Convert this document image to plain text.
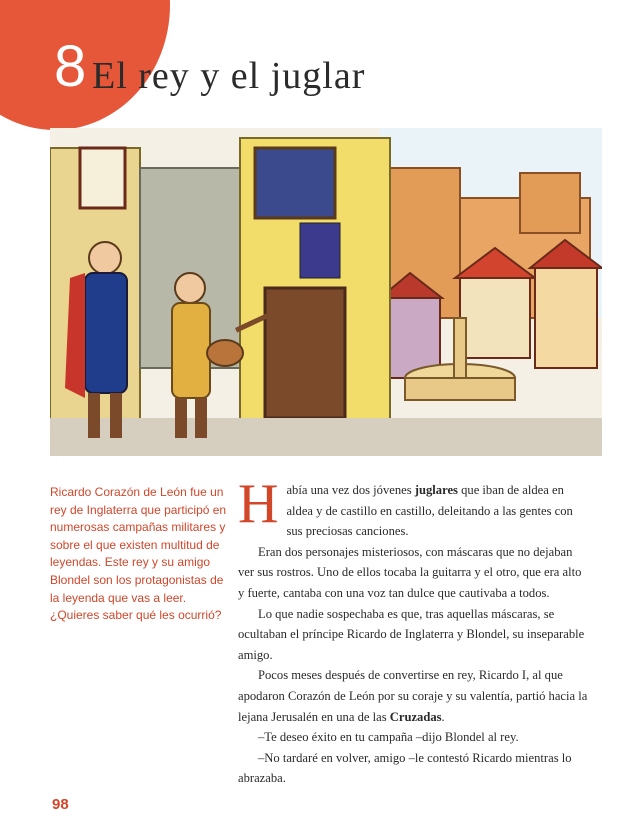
8 El rey y el juglar
Ricardo Corazón de León fue un rey de Inglaterra que participó en numerosas campañas militares y sobre el que existen multitud de leyendas. Este rey y su amigo Blondel son los protagonistas de la leyenda que vas a leer. ¿Quieres saber qué les ocurrió?

Había una vez dos jóvenes juglares que iban de aldea en aldea y de castillo en castillo, deleitando a las gentes con sus preciosas canciones.

Eran dos personajes misteriosos, con máscaras que no dejaban ver sus rostros. Uno de ellos tocaba la guitarra y el otro, que era alto y fuerte, cantaba con una voz tan dulce que cautivaba a todos.

Lo que nadie sospechaba es que, tras aquellas máscaras, se ocultaban el príncipe Ricardo de Inglaterra y Blondel, su inseparable amigo.

Pocos meses después de convertirse en rey, Ricardo I, al que apodaron Corazón de León por su coraje y su valentía, partió hacia la lejana Jerusalén en una de las Cruzadas.

–Te deseo éxito en tu campaña –dijo Blondel al rey.

–No tardaré en volver, amigo –le contestó Ricardo mientras lo abrazaba.

98
